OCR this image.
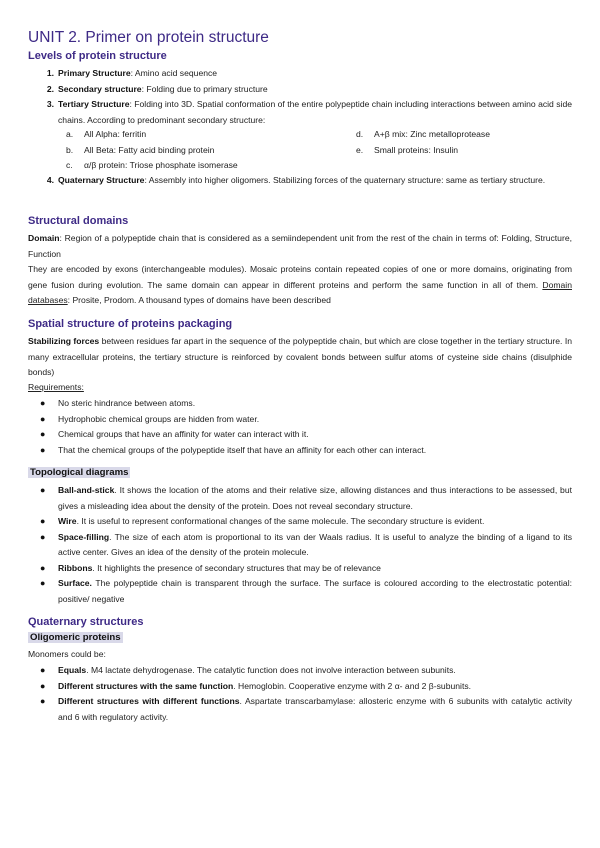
UNIT 2. Primer on protein structure
Levels of protein structure
1. Primary Structure: Amino acid sequence
2. Secondary structure: Folding due to primary structure
3. Tertiary Structure: Folding into 3D. Spatial conformation of the entire polypeptide chain including interactions between amino acid side chains. According to predominant secondary structure:
a. All Alpha: ferritin	d. A+β mix: Zinc metalloprotease
b. All Beta: Fatty acid binding protein	e. Small proteins: Insulin
c. α/β protein: Triose phosphate isomerase
4. Quaternary Structure: Assembly into higher oligomers. Stabilizing forces of the quaternary structure: same as tertiary structure.
Structural domains
Domain: Region of a polypeptide chain that is considered as a semiindependent unit from the rest of the chain in terms of: Folding, Structure, Function
They are encoded by exons (interchangeable modules). Mosaic proteins contain repeated copies of one or more domains, originating from gene fusion during evolution. The same domain can appear in different proteins and perform the same function in all of them. Domain databases: Prosite, Prodom. A thousand types of domains have been described
Spatial structure of proteins packaging
Stabilizing forces between residues far apart in the sequence of the polypeptide chain, but which are close together in the tertiary structure. In many extracellular proteins, the tertiary structure is reinforced by covalent bonds between sulfur atoms of cysteine side chains (disulphide bonds)
Requirements:
● No steric hindrance between atoms.
● Hydrophobic chemical groups are hidden from water.
● Chemical groups that have an affinity for water can interact with it.
● That the chemical groups of the polypeptide itself that have an affinity for each other can interact.
Topological diagrams
● Ball-and-stick. It shows the location of the atoms and their relative size, allowing distances and thus interactions to be assessed, but gives a misleading idea about the density of the protein. Does not reveal secondary structure.
● Wire. It is useful to represent conformational changes of the same molecule. The secondary structure is evident.
● Space-filling. The size of each atom is proportional to its van der Waals radius. It is useful to analyze the binding of a ligand to its active center. Gives an idea of the density of the protein molecule.
● Ribbons. It highlights the presence of secondary structures that may be of relevance
● Surface. The polypeptide chain is transparent through the surface. The surface is coloured according to the electrostatic potential: positive/ negative
Quaternary structures
Oligomeric proteins
Monomers could be:
● Equals. M4 lactate dehydrogenase. The catalytic function does not involve interaction between subunits.
● Different structures with the same function. Hemoglobin. Cooperative enzyme with 2 α- and 2 β-subunits.
● Different structures with different functions. Aspartate transcarbamylase: allosteric enzyme with 6 subunits with catalytic activity and 6 with regulatory activity.
